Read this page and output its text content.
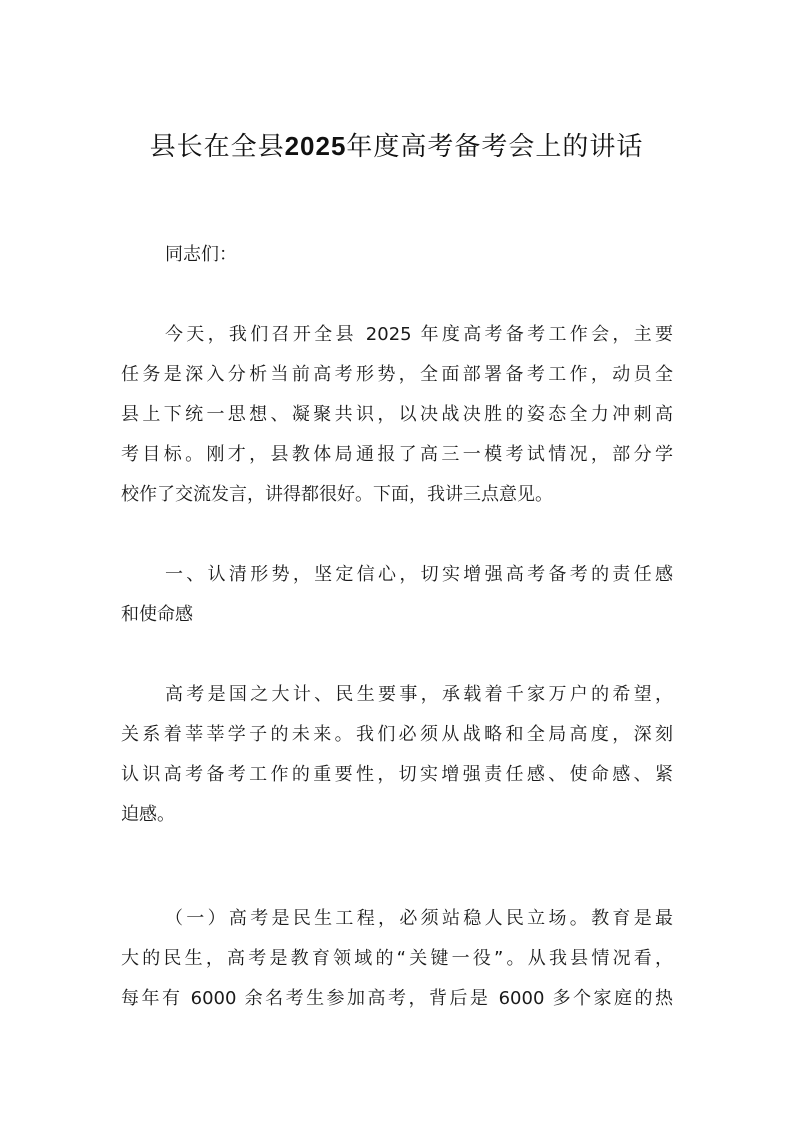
县长在全县2025年度高考备考会上的讲话
同志们：
今天，我们召开全县 2025 年度高考备考工作会，主要
任务是深入分析当前高考形势，全面部署备考工作，动员全
县上下统一思想、凝聚共识，以决战决胜的姿态全力冲刺高
考目标。刚才，县教体局通报了高三一模考试情况，部分学
校作了交流发言，讲得都很好。下面，我讲三点意见。
一、认清形势，坚定信心，切实增强高考备考的责任感
和使命感
高考是国之大计、民生要事，承载着千家万户的希望，
关系着莘莘学子的未来。我们必须从战略和全局高度，深刻
认识高考备考工作的重要性，切实增强责任感、使命感、紧
迫感。
（一）高考是民生工程，必须站稳人民立场。教育是最
大的民生，高考是教育领域的“关键一役”。从我县情况看，
每年有 6000 余名考生参加高考，背后是 6000 多个家庭的热
